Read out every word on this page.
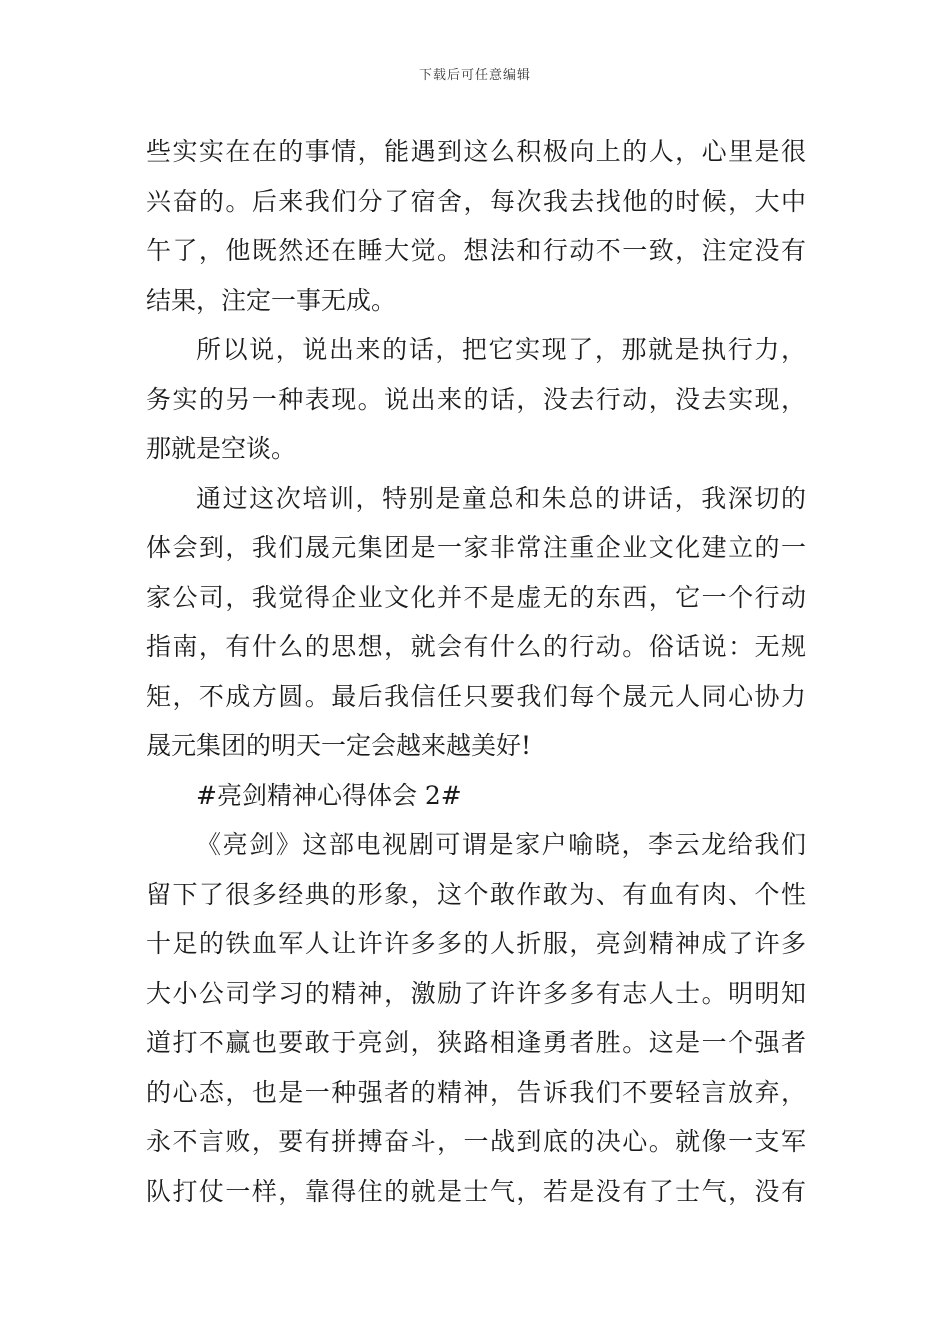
下载后可任意编辑
些实实在在的事情，能遇到这么积极向上的人，心里是很
兴奋的。后来我们分了宿舍，每次我去找他的时候，大中
午了，他既然还在睡大觉。想法和行动不一致，注定没有
结果，注定一事无成。
所以说，说出来的话，把它实现了，那就是执行力，
务实的另一种表现。说出来的话，没去行动，没去实现，
那就是空谈。
通过这次培训，特别是童总和朱总的讲话，我深切的
体会到，我们晟元集团是一家非常注重企业文化建立的一
家公司，我觉得企业文化并不是虚无的东西，它一个行动
指南，有什么的思想，就会有什么的行动。俗话说：无规
矩，不成方圆。最后我信任只要我们每个晟元人同心协力
晟元集团的明天一定会越来越美好!
#亮剑精神心得体会 2#
《亮剑》这部电视剧可谓是家户喻晓，李云龙给我们
留下了很多经典的形象，这个敢作敢为、有血有肉、个性
十足的铁血军人让许许多多的人折服，亮剑精神成了许多
大小公司学习的精神，激励了许许多多有志人士。明明知
道打不赢也要敢于亮剑，狭路相逢勇者胜。这是一个强者
的心态，也是一种强者的精神，告诉我们不要轻言放弃，
永不言败，要有拼搏奋斗，一战到底的决心。就像一支军
队打仗一样，靠得住的就是士气，若是没有了士气，没有
